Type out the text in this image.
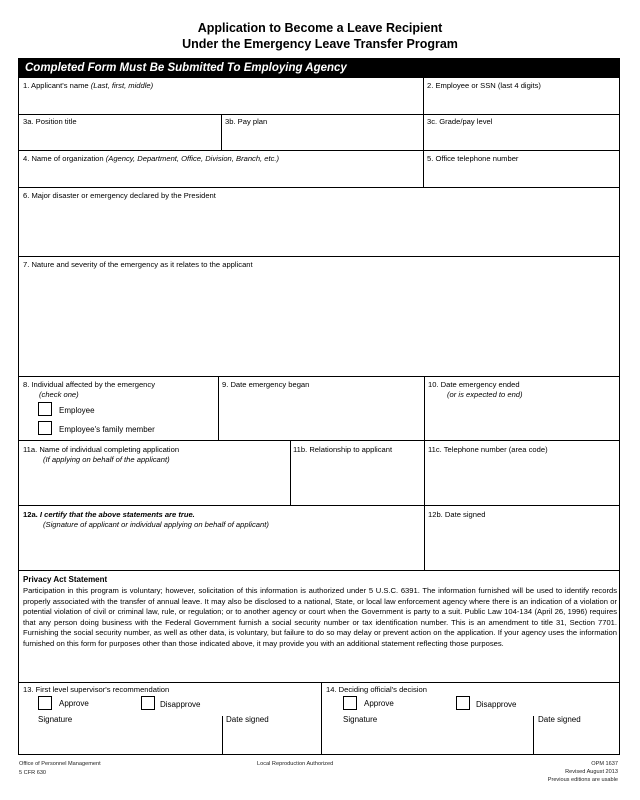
Application to Become a Leave Recipient
Under the Emergency Leave Transfer Program
Completed Form Must Be Submitted To Employing Agency
1. Applicant's name (Last, first, middle)	2. Employee or SSN (last 4 digits)
3a. Position title	3b. Pay plan	3c. Grade/pay level
4. Name of organization (Agency, Department, Office, Division, Branch, etc.)	5. Office telephone number
6. Major disaster or emergency declared by the President
7. Nature and severity of the emergency as it relates to the applicant
8. Individual affected by the emergency
(check one)
Employee
Employee's family member
9. Date emergency began	10. Date emergency ended
(or is expected to end)
11a. Name of individual completing application
(If applying on behalf of the applicant)
11b. Relationship to applicant	11c. Telephone number (area code)
12a. I certify that the above statements are true.
(Signature of applicant or individual applying on behalf of applicant)
12b. Date signed
Privacy Act Statement
Participation in this program is voluntary; however, solicitation of this information is authorized under 5 U.S.C. 6391. The information furnished will be used to identify records properly associated with the transfer of annual leave. It may also be disclosed to a national, State, or local law enforcement agency where there is an indication of a violation or potential violation of civil or criminal law, rule, or regulation; or to another agency or court when the Government is party to a suit. Public Law 104-134 (April 26, 1996) requires that any person doing business with the Federal Government furnish a social security number or tax identification number. This is an amendment to title 31, Section 7701. Furnishing the social security number, as well as other data, is voluntary, but failure to do so may delay or prevent action on the application. If your agency uses the information furnished on this form for purposes other than those indicated above, it may provide you with an additional statement reflecting those purposes.
13. First level supervisor's recommendation
Approve	Disapprove
Signature	Date signed
14. Deciding official's decision
Approve	Disapprove
Signature	Date signed
Office of Personnel Management
5 CFR 630
Local Reproduction Authorized	OPM 1637
Revised August 2013
Previous editions are usable
